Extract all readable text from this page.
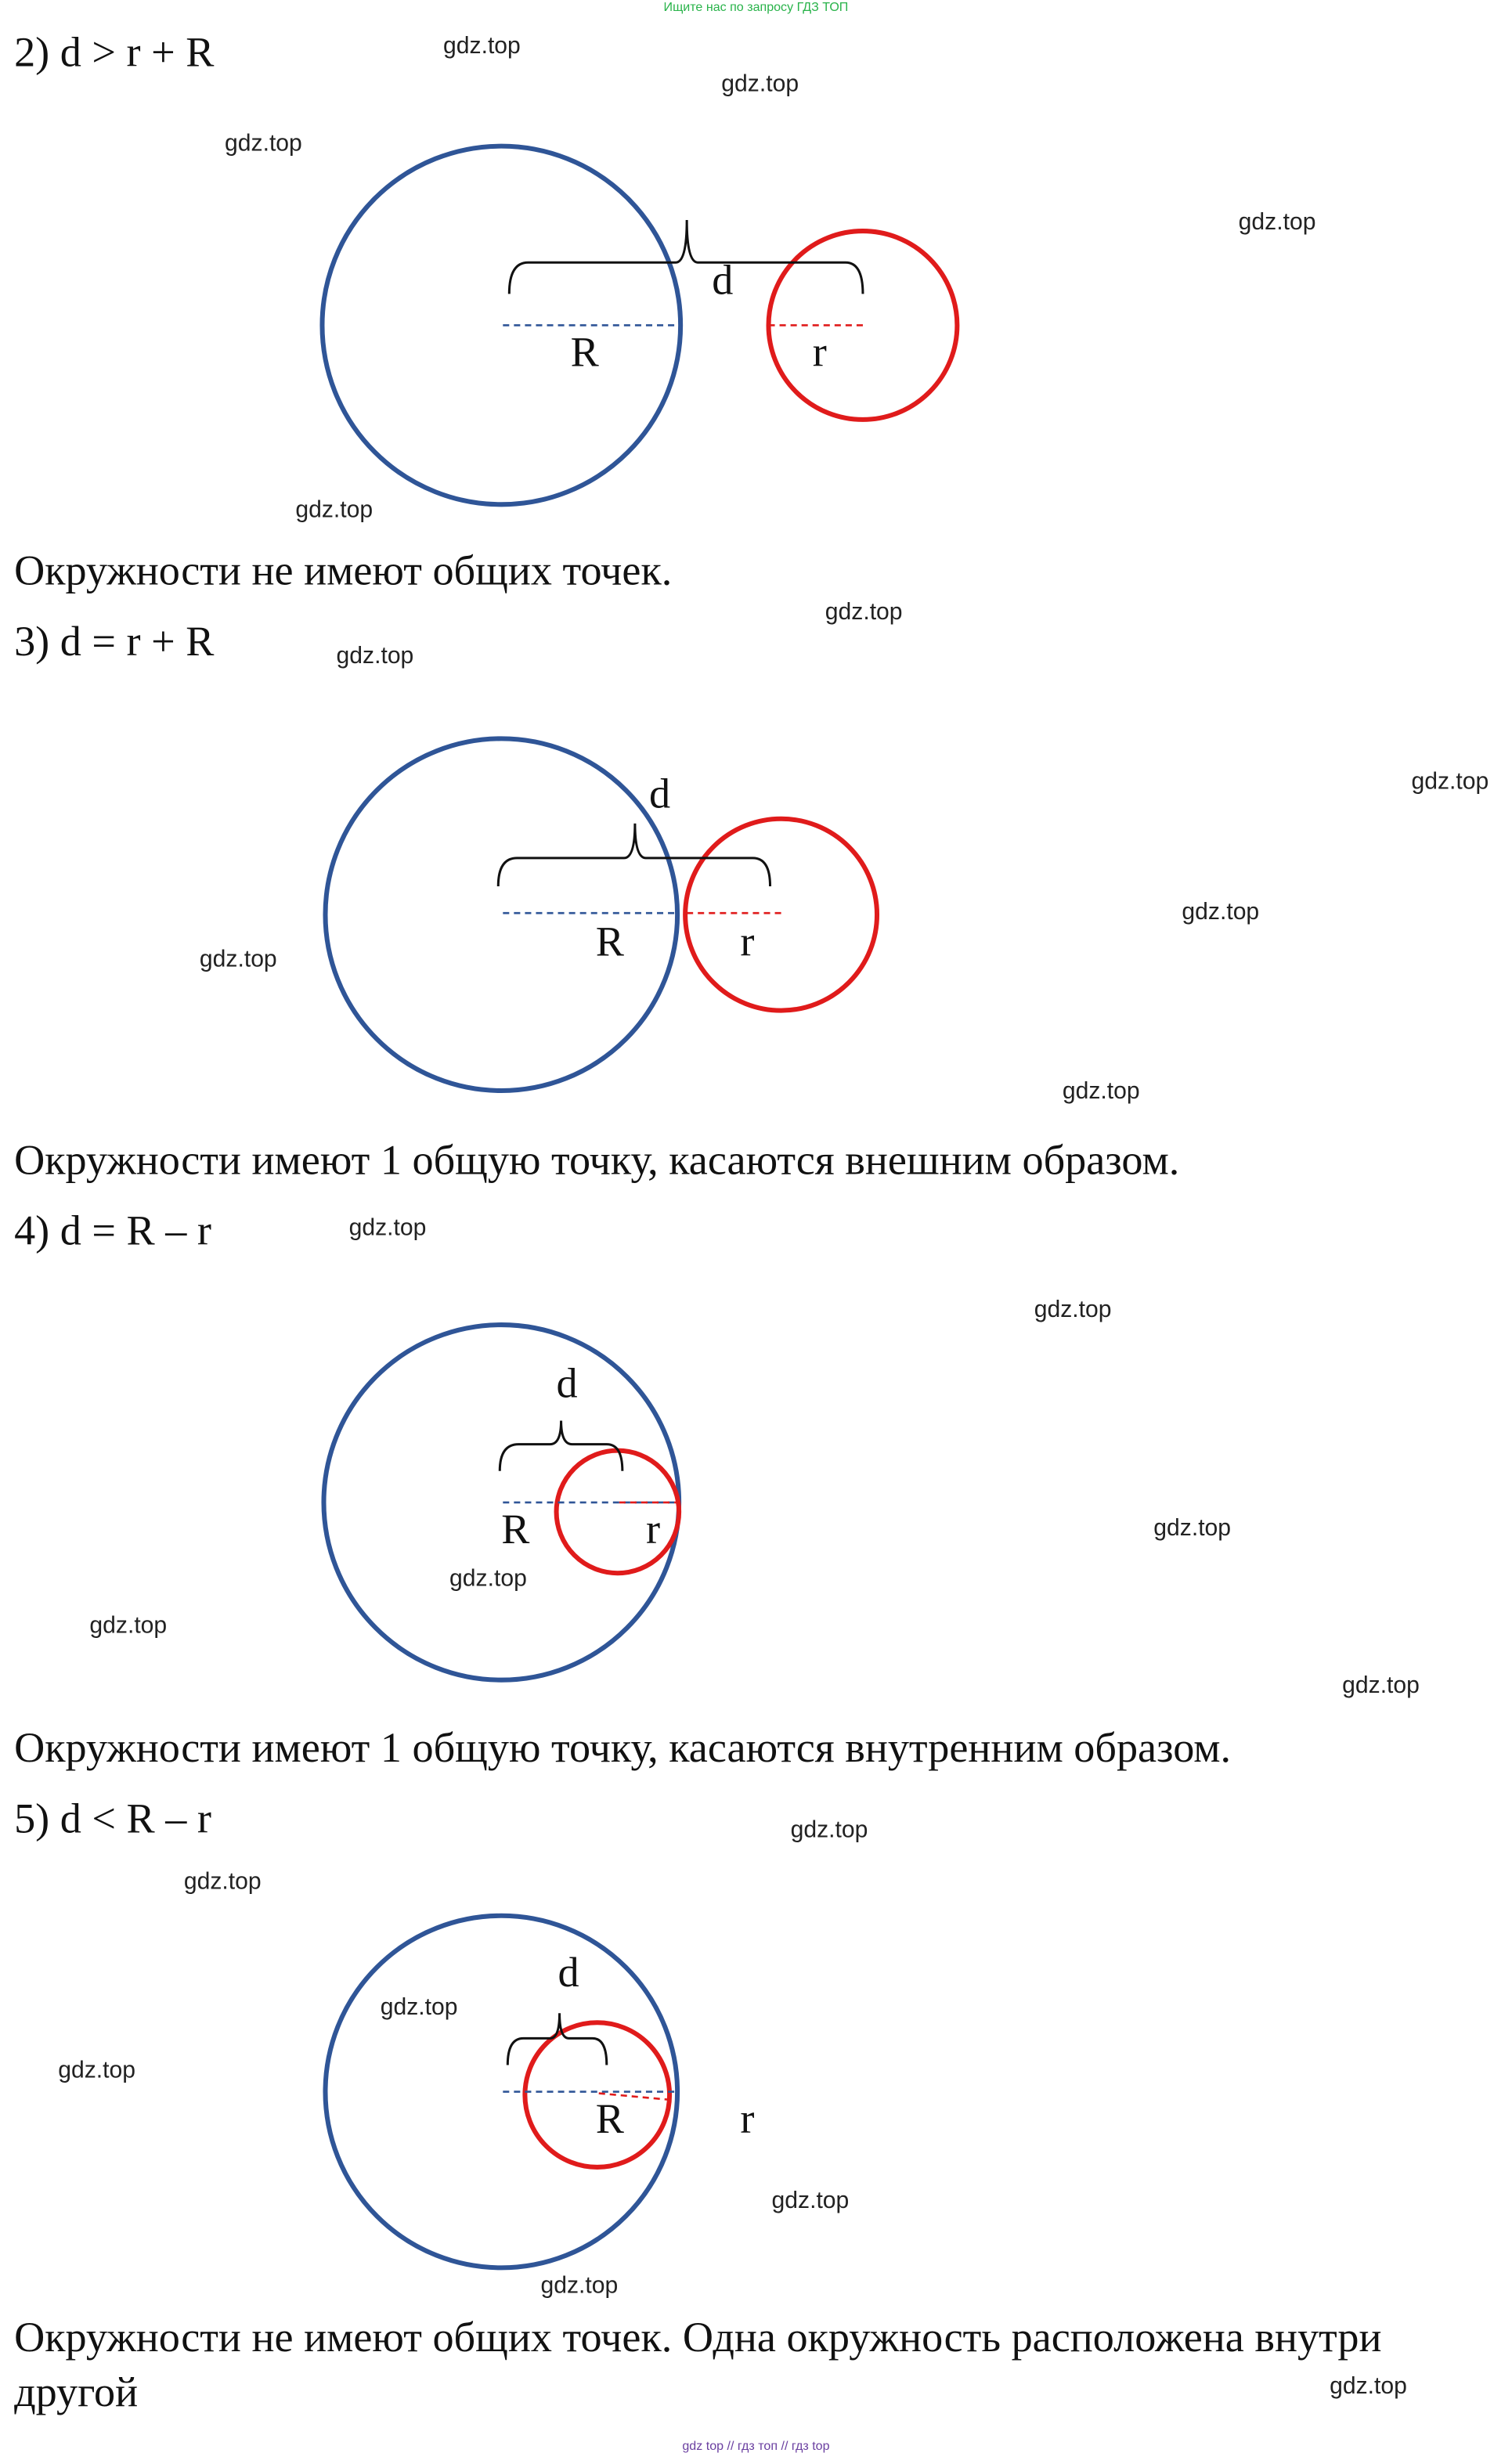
Ищите нас по запросу ГДЗ ТОП
2) d > r + R
d
R	r
Окружности не имеют общих точек.
3) d = r + R
d
R	r
Окружности имеют 1 общую точку, касаются внешним образом.
4) d = R – r
d
R	r
Окружности имеют 1 общую точку, касаются внутренним образом.
5) d < R – r
d
R	r
Окружности не имеют общих точек. Одна окружность расположена внутри другой
gdz.top
gdz.top
gdz.top
gdz.top
gdz.top
gdz.top
gdz.top
gdz.top
gdz.top
gdz.top
gdz.top
gdz.top
gdz.top
gdz.top
gdz.top
gdz.top
gdz.top
gdz.top
gdz.top
gdz.top
gdz.top
gdz.top
gdz.top
gdz.top
gdz top // гдз топ // гдз top
